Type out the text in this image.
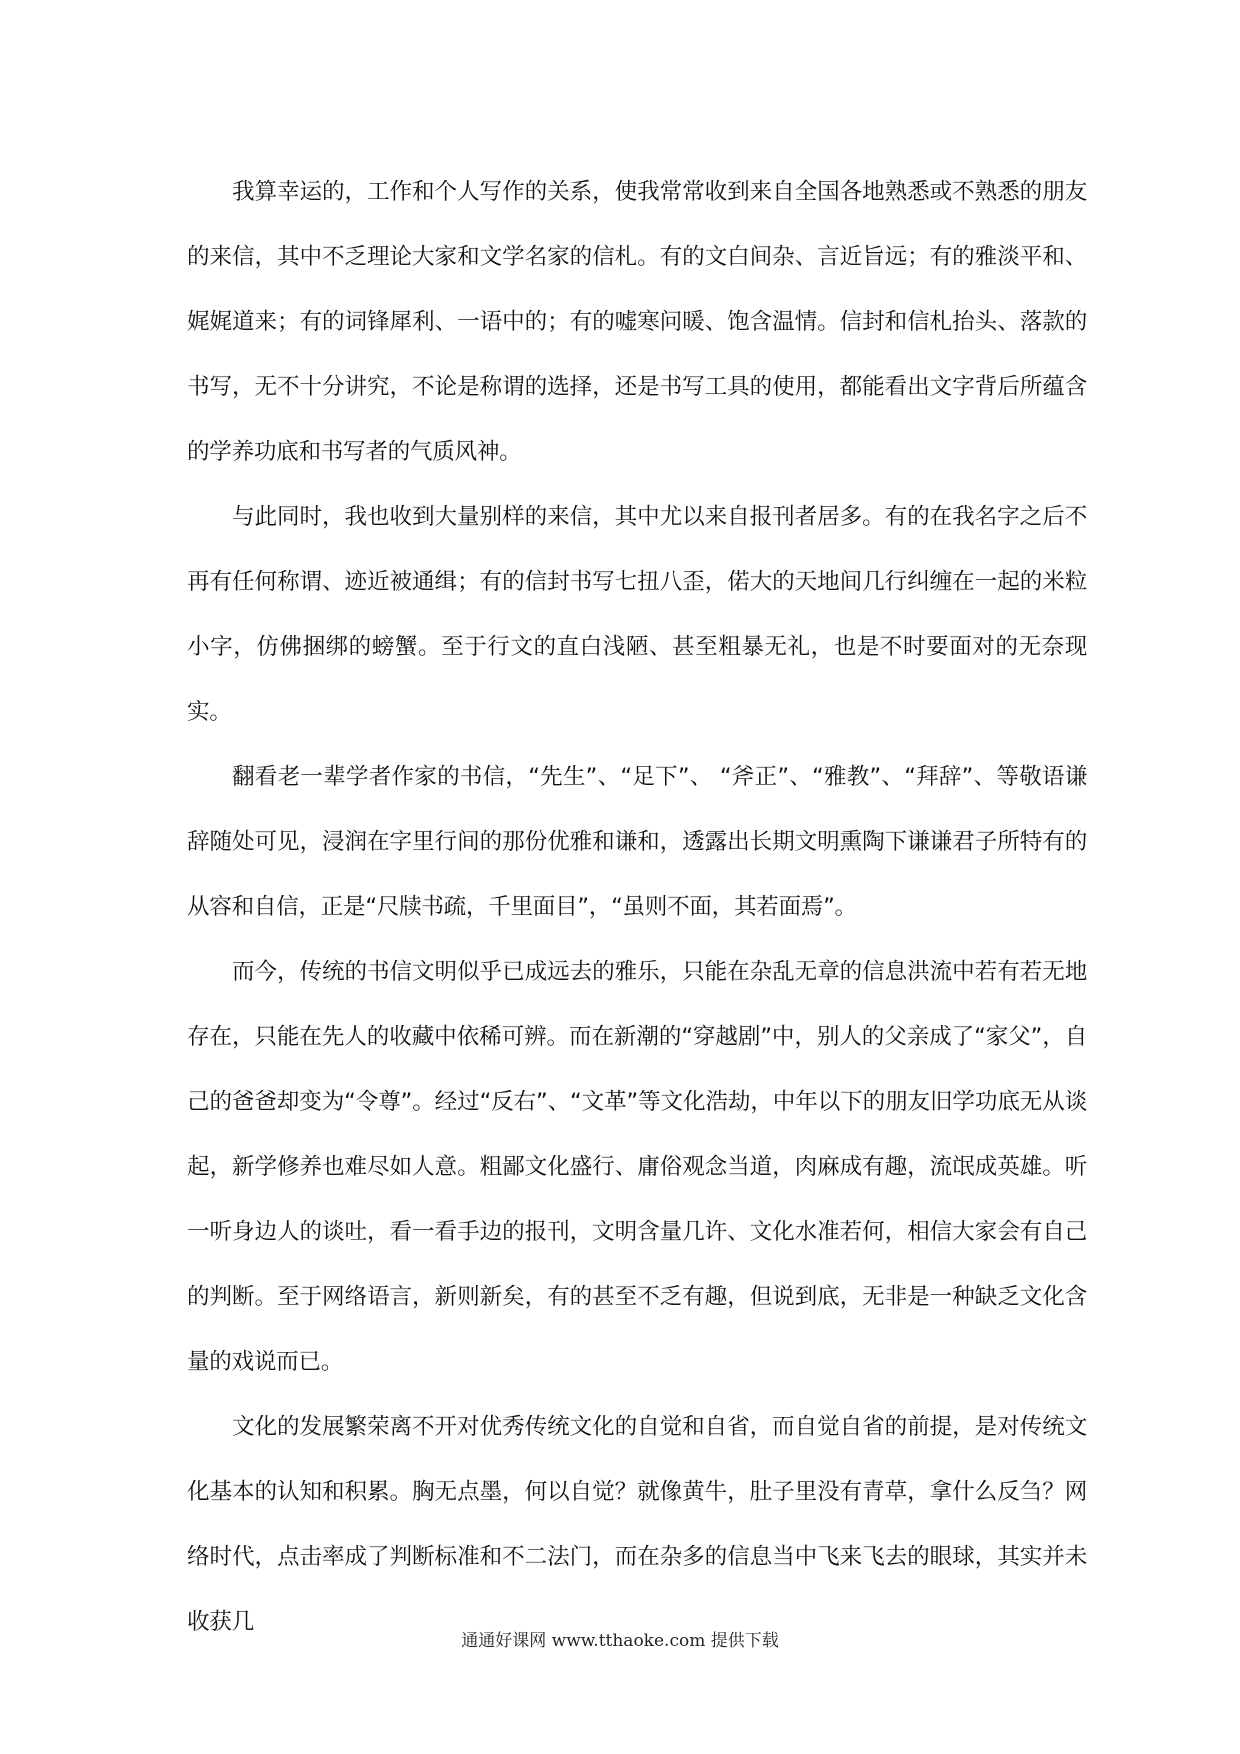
我算幸运的，工作和个人写作的关系，使我常常收到来自全国各地熟悉或不熟悉的朋友的来信，其中不乏理论大家和文学名家的信札。有的文白间杂、言近旨远；有的雅淡平和、娓娓道来；有的词锋犀利、一语中的；有的嘘寒问暖、饱含温情。信封和信札抬头、落款的书写，无不十分讲究，不论是称谓的选择，还是书写工具的使用，都能看出文字背后所蕴含的学养功底和书写者的气质风神。

与此同时，我也收到大量别样的来信，其中尤以来自报刊者居多。有的在我名字之后不再有任何称谓、迹近被通缉；有的信封书写七扭八歪，偌大的天地间几行纠缠在一起的米粒小字，仿佛捆绑的螃蟹。至于行文的直白浅陋、甚至粗暴无礼，也是不时要面对的无奈现实。

翻看老一辈学者作家的书信，“先生”、“足下”、 “斧正”、“雅教”、“拜辞”、等敬语谦辞随处可见，浸润在字里行间的那份优雅和谦和，透露出长期文明熏陶下谦谦君子所特有的从容和自信，正是“尺牍书疏，千里面目”，“虽则不面，其若面焉”。

而今，传统的书信文明似乎已成远去的雅乐，只能在杂乱无章的信息洪流中若有若无地存在，只能在先人的收藏中依稀可辨。而在新潮的“穿越剧”中，别人的父亲成了“家父”，自己的爸爸却变为“令尊”。经过“反右”、“文革”等文化浩劫，中年以下的朋友旧学功底无从谈起，新学修养也难尽如人意。粗鄙文化盛行、庸俗观念当道，肉麻成有趣，流氓成英雄。听一听身边人的谈吐，看一看手边的报刊，文明含量几许、文化水准若何，相信大家会有自己的判断。至于网络语言，新则新矣，有的甚至不乏有趣，但说到底，无非是一种缺乏文化含量的戏说而已。

文化的发展繁荣离不开对优秀传统文化的自觉和自省，而自觉自省的前提，是对传统文化基本的认知和积累。胸无点墨，何以自觉？就像黄牛，肚子里没有青草，拿什么反刍？网络时代，点击率成了判断标准和不二法门，而在杂多的信息当中飞来飞去的眼球，其实并未收获几

通通好课网 www.tthaoke.com 提供下载
